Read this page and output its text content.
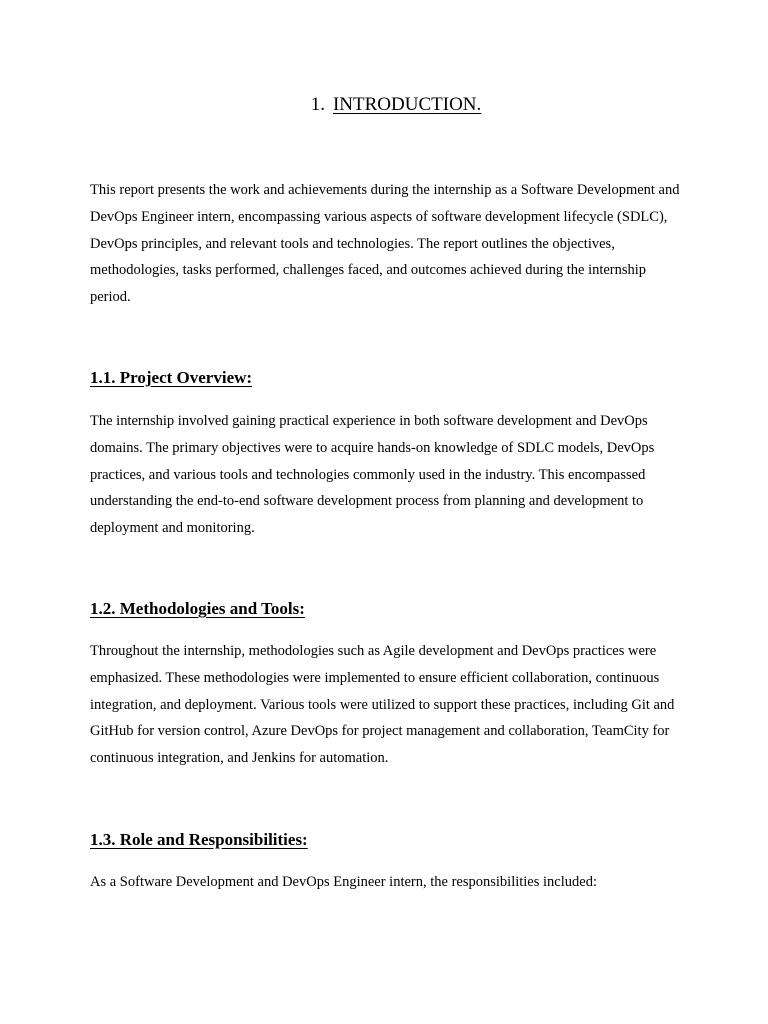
1. INTRODUCTION.

This report presents the work and achievements during the internship as a Software Development and DevOps Engineer intern, encompassing various aspects of software development lifecycle (SDLC), DevOps principles, and relevant tools and technologies. The report outlines the objectives, methodologies, tasks performed, challenges faced, and outcomes achieved during the internship period.

1.1. Project Overview:

The internship involved gaining practical experience in both software development and DevOps domains. The primary objectives were to acquire hands-on knowledge of SDLC models, DevOps practices, and various tools and technologies commonly used in the industry. This encompassed understanding the end-to-end software development process from planning and development to deployment and monitoring.

1.2. Methodologies and Tools:

Throughout the internship, methodologies such as Agile development and DevOps practices were emphasized. These methodologies were implemented to ensure efficient collaboration, continuous integration, and deployment. Various tools were utilized to support these practices, including Git and GitHub for version control, Azure DevOps for project management and collaboration, TeamCity for continuous integration, and Jenkins for automation.

1.3. Role and Responsibilities:

As a Software Development and DevOps Engineer intern, the responsibilities included:
